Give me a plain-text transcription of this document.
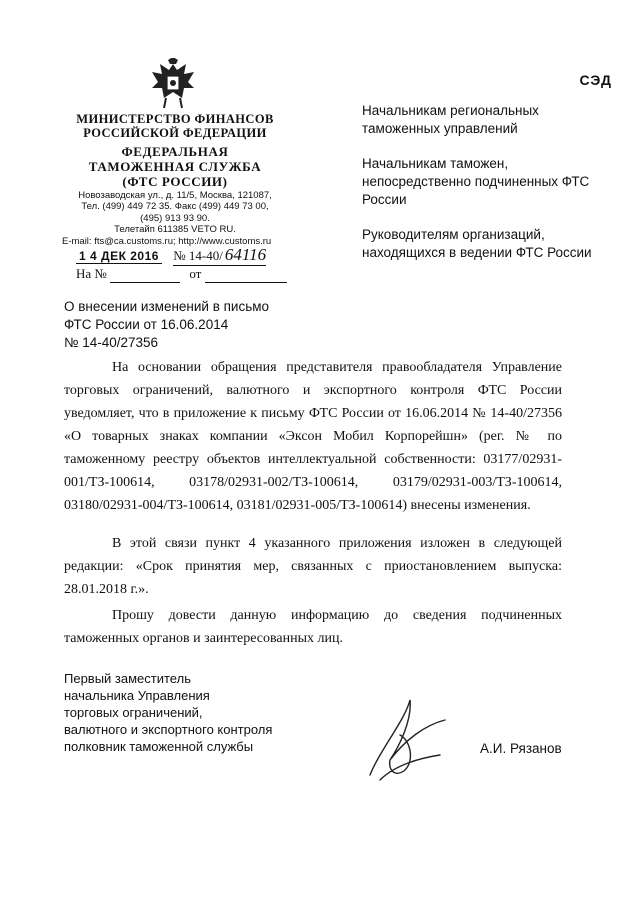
СЭД
МИНИСТЕРСТВО ФИНАНСОВ
РОССИЙСКОЙ ФЕДЕРАЦИИ
ФЕДЕРАЛЬНАЯ
ТАМОЖЕННАЯ СЛУЖБА
(ФТС РОССИИ)
Новозаводская ул., д. 11/5, Москва, 121087,
Тел. (499) 449 72 35. Факс (499) 449 73 00,
(495) 913 93 90.
Телетайп 611385 VETO RU.
E-mail: fts@ca.customs.ru; http://www.customs.ru
1 4 ДЕК 2016 № 14-40/ 64116
На №	от
Начальникам региональных таможенных управлений
Начальникам таможен, непосредственно подчиненных ФТС России
Руководителям организаций, находящихся в ведении ФТС России
О внесении изменений в письмо
ФТС России от 16.06.2014
№ 14-40/27356

На основании обращения представителя правообладателя Управление торговых ограничений, валютного и экспортного контроля ФТС России уведомляет, что в приложение к письму ФТС России от 16.06.2014 № 14-40/27356 «О товарных знаках компании «Эксон Мобил Корпорейшн» (рег. № по таможенному реестру объектов интеллектуальной собственности: 03177/02931-001/ТЗ-100614, 03178/02931-002/ТЗ-100614, 03179/02931-003/ТЗ-100614, 03180/02931-004/ТЗ-100614, 03181/02931-005/ТЗ-100614) внесены изменения.

В этой связи пункт 4 указанного приложения изложен в следующей редакции: «Срок принятия мер, связанных с приостановлением выпуска: 28.01.2018 г.».

Прошу довести данную информацию до сведения подчиненных таможенных органов и заинтересованных лиц.

Первый заместитель
начальника Управления
торговых ограничений,
валютного и экспортного контроля
полковник таможенной службы	А.И. Рязанов
